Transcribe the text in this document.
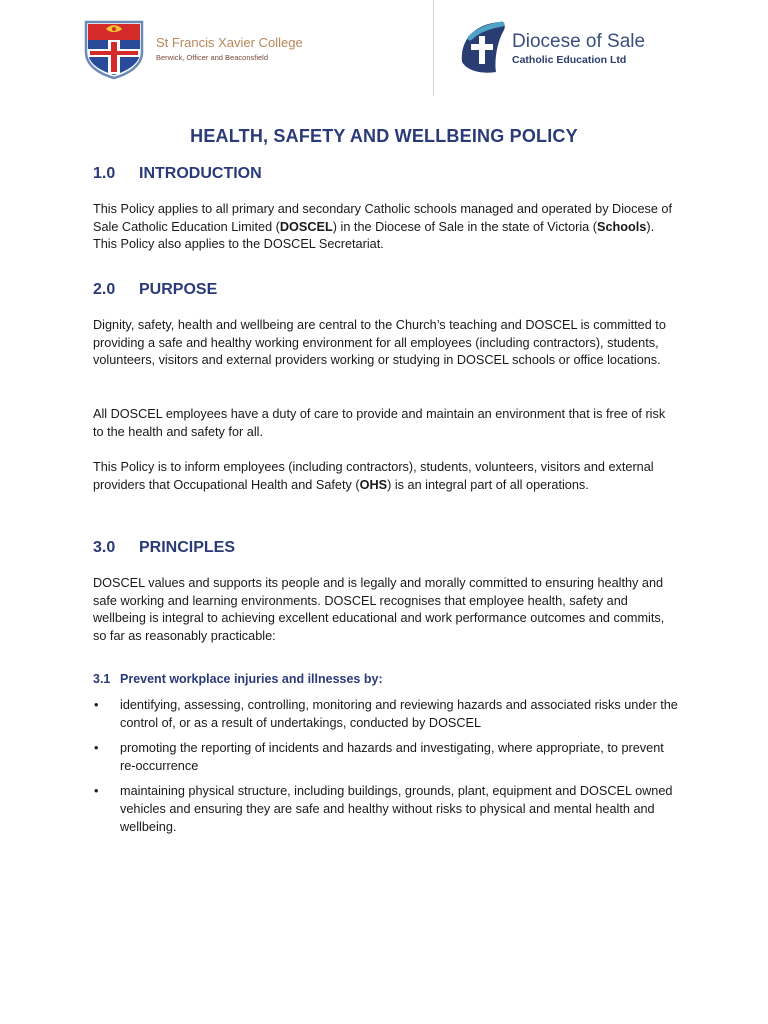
St Francis Xavier College
Berwick, Officer and Beaconsfield
Diocese of Sale
Catholic Education Ltd
HEALTH, SAFETY AND WELLBEING POLICY
1.0 INTRODUCTION
This Policy applies to all primary and secondary Catholic schools managed and operated by Diocese of Sale Catholic Education Limited (DOSCEL) in the Diocese of Sale in the state of Victoria (Schools). This Policy also applies to the DOSCEL Secretariat.
2.0 PURPOSE
Dignity, safety, health and wellbeing are central to the Church’s teaching and DOSCEL is committed to providing a safe and healthy working environment for all employees (including contractors), students, volunteers, visitors and external providers working or studying in DOSCEL schools or office locations.
All DOSCEL employees have a duty of care to provide and maintain an environment that is free of risk to the health and safety for all.
This Policy is to inform employees (including contractors), students, volunteers, visitors and external providers that Occupational Health and Safety (OHS) is an integral part of all operations.
3.0 PRINCIPLES
DOSCEL values and supports its people and is legally and morally committed to ensuring healthy and safe working and learning environments. DOSCEL recognises that employee health, safety and wellbeing is integral to achieving excellent educational and work performance outcomes and commits, so far as reasonably practicable:
3.1 Prevent workplace injuries and illnesses by:
• identifying, assessing, controlling, monitoring and reviewing hazards and associated risks under the control of, or as a result of undertakings, conducted by DOSCEL
• promoting the reporting of incidents and hazards and investigating, where appropriate, to prevent re-occurrence
• maintaining physical structure, including buildings, grounds, plant, equipment and DOSCEL owned vehicles and ensuring they are safe and healthy without risks to physical and mental health and wellbeing.
